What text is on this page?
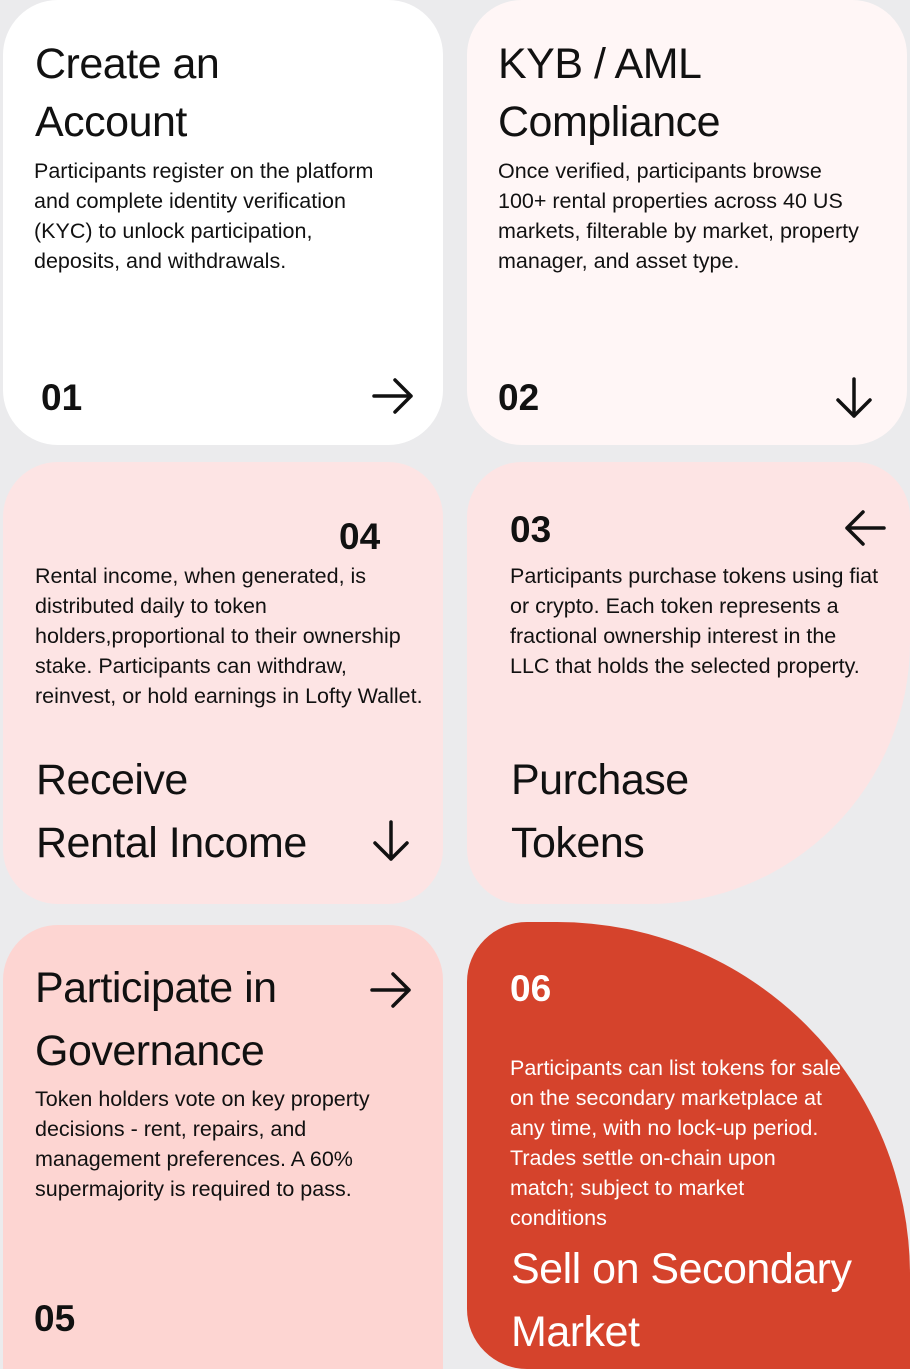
Create an
Account

Participants register on the platform and complete identity verification (KYC) to unlock participation, deposits, and withdrawals.

01
KYB / AML
Compliance

Once verified, participants browse 100+ rental properties across 40 US markets, filterable by market, property manager, and asset type.

02
04

Rental income, when generated, is distributed daily to token holders,proportional to their ownership stake. Participants can withdraw, reinvest, or hold earnings in Lofty Wallet.

Receive
Rental Income
03

Participants purchase tokens using fiat or crypto. Each token represents a fractional ownership interest in the LLC that holds the selected property.

Purchase
Tokens
Participate in
Governance

Token holders vote on key property decisions - rent, repairs, and management preferences. A 60% supermajority is required to pass.

05
06

Participants can list tokens for sale on the secondary marketplace at any time, with no lock-up period. Trades settle on-chain upon match; subject to market conditions

Sell on Secondary
Market
